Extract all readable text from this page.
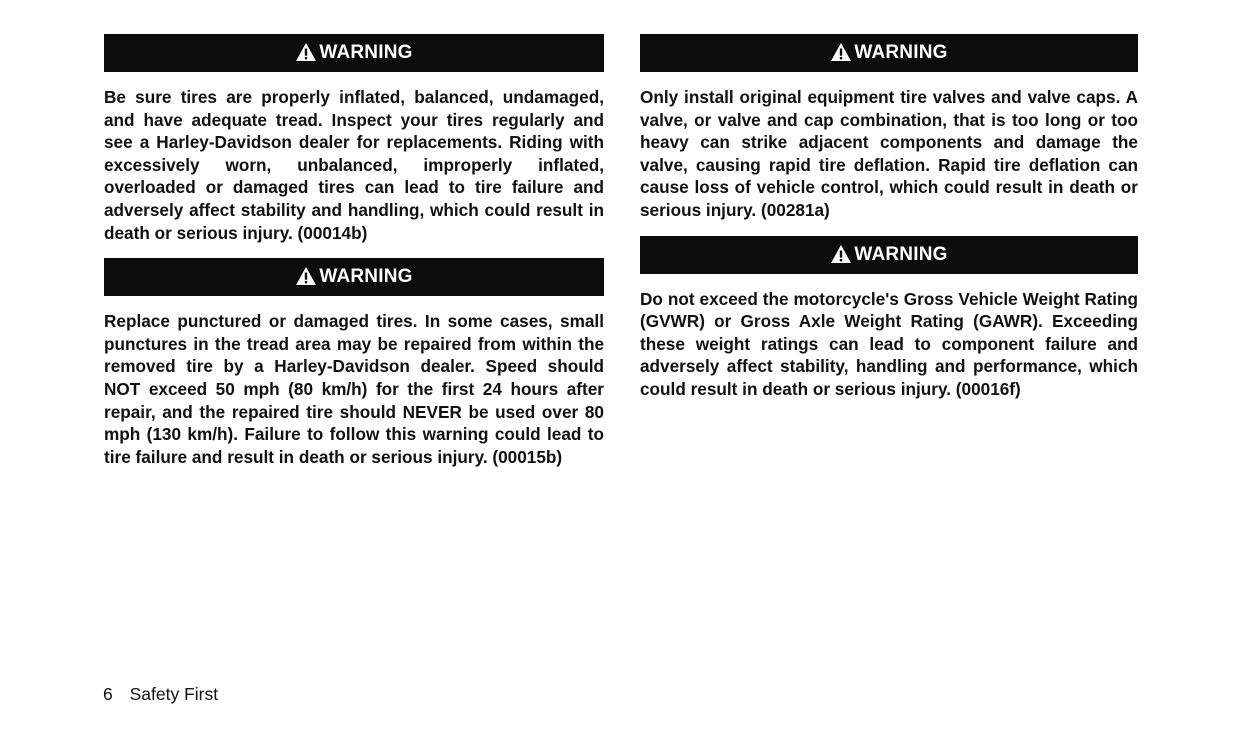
WARNING

Be sure tires are properly inflated, balanced, undamaged, and have adequate tread. Inspect your tires regularly and see a Harley-Davidson dealer for replacements. Riding with excessively worn, unbalanced, improperly inflated, overloaded or damaged tires can lead to tire failure and adversely affect stability and handling, which could result in death or serious injury. (00014b)

WARNING

Replace punctured or damaged tires. In some cases, small punctures in the tread area may be repaired from within the removed tire by a Harley-Davidson dealer. Speed should NOT exceed 50 mph (80 km/h) for the first 24 hours after repair, and the repaired tire should NEVER be used over 80 mph (130 km/h). Failure to follow this warning could lead to tire failure and result in death or serious injury. (00015b)

WARNING

Only install original equipment tire valves and valve caps. A valve, or valve and cap combination, that is too long or too heavy can strike adjacent components and damage the valve, causing rapid tire deflation. Rapid tire deflation can cause loss of vehicle control, which could result in death or serious injury. (00281a)

WARNING

Do not exceed the motorcycle's Gross Vehicle Weight Rating (GVWR) or Gross Axle Weight Rating (GAWR). Exceeding these weight ratings can lead to component failure and adversely affect stability, handling and performance, which could result in death or serious injury. (00016f)

6 Safety First
